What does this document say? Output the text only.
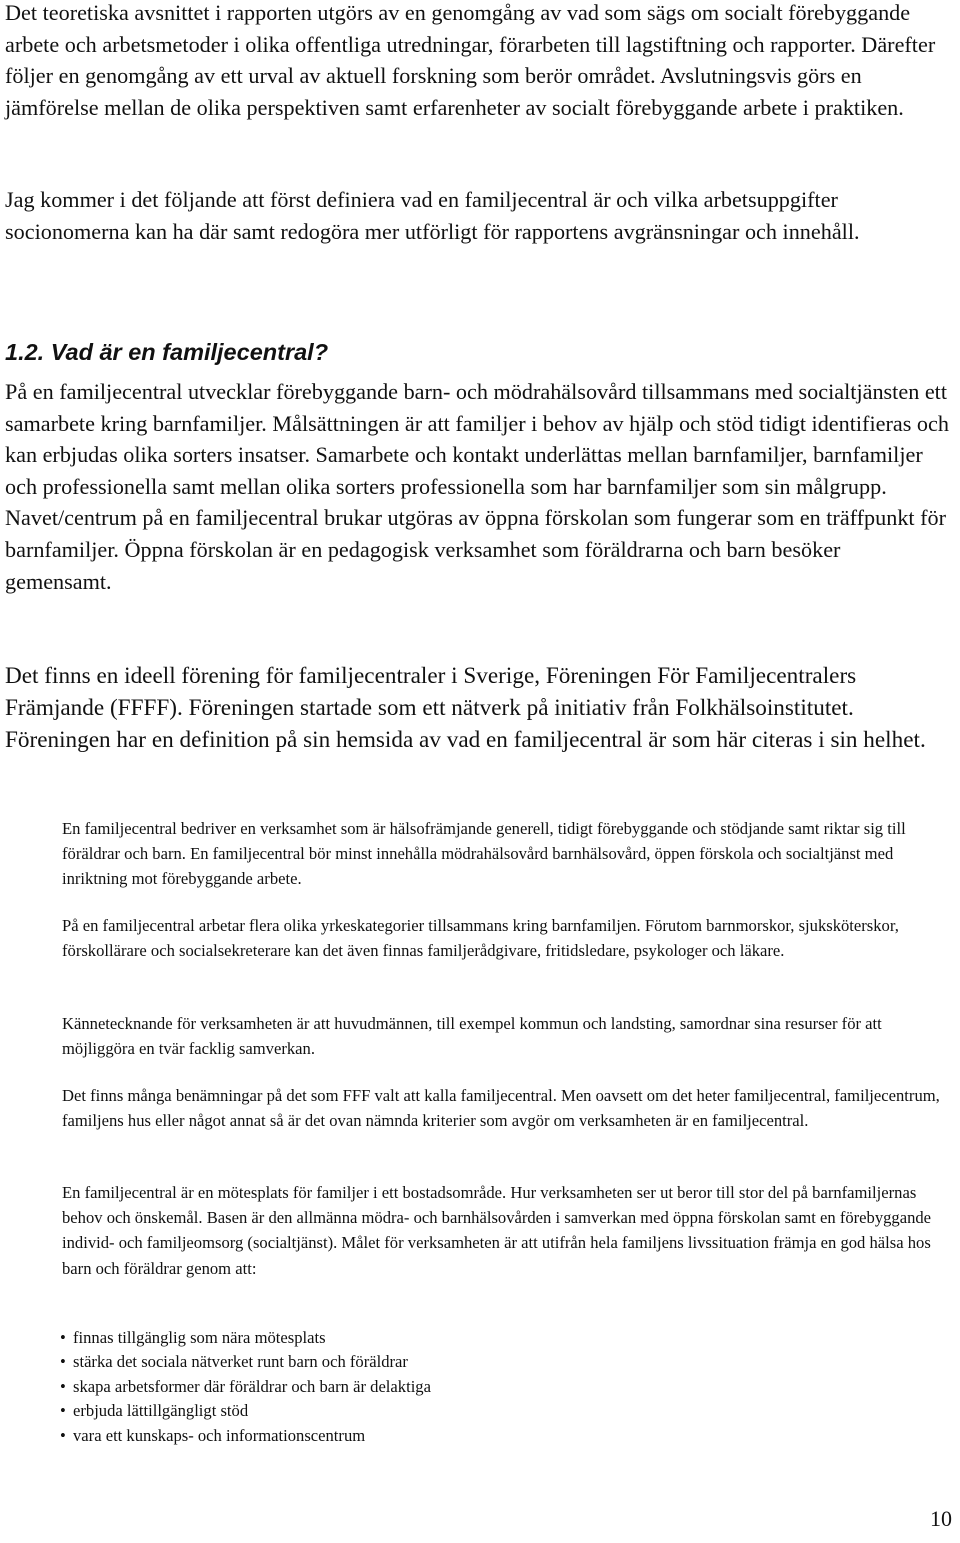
Det teoretiska avsnittet i rapporten utgörs av en genomgång av vad som sägs om socialt förebyggande arbete och arbetsmetoder i olika offentliga utredningar, förarbeten till lagstiftning och rapporter. Därefter följer en genomgång av ett urval av aktuell forskning som berör området. Avslutningsvis görs en jämförelse mellan de olika perspektiven samt erfarenheter av socialt förebyggande arbete i praktiken.

Jag kommer i det följande att först definiera vad en familjecentral är och vilka arbetsuppgifter socionomerna kan ha där samt redogöra mer utförligt för rapportens avgränsningar och innehåll.

1.2. Vad är en familjecentral?

På en familjecentral utvecklar förebyggande barn- och mödrahälsovård tillsammans med socialtjänsten ett samarbete kring barnfamiljer. Målsättningen är att familjer i behov av hjälp och stöd tidigt identifieras och kan erbjudas olika sorters insatser. Samarbete och kontakt underlättas mellan barnfamiljer, barnfamiljer och professionella samt mellan olika sorters professionella som har barnfamiljer som sin målgrupp. Navet/centrum på en familjecentral brukar utgöras av öppna förskolan som fungerar som en träffpunkt för barnfamiljer. Öppna förskolan är en pedagogisk verksamhet som föräldrarna och barn besöker gemensamt.

Det finns en ideell förening för familjecentraler i Sverige, Föreningen För Familjecentralers Främjande (FFFF). Föreningen startade som ett nätverk på initiativ från Folkhälsoinstitutet. Föreningen har en definition på sin hemsida av vad en familjecentral är som här citeras i sin helhet.

En familjecentral bedriver en verksamhet som är hälsofrämjande generell, tidigt förebyggande och stödjande samt riktar sig till föräldrar och barn. En familjecentral bör minst innehålla mödrahälsovård barnhälsovård, öppen förskola och socialtjänst med inriktning mot förebyggande arbete.

På en familjecentral arbetar flera olika yrkeskategorier tillsammans kring barnfamiljen. Förutom barnmorskor, sjuksköterskor, förskollärare och socialsekreterare kan det även finnas familjerådgivare, fritidsledare, psykologer och läkare.

Kännetecknande för verksamheten är att huvudmännen, till exempel kommun och landsting, samordnar sina resurser för att möjliggöra en tvär facklig samverkan.

Det finns många benämningar på det som FFF valt att kalla familjecentral. Men oavsett om det heter familjecentral, familjecentrum, familjens hus eller något annat så är det ovan nämnda kriterier som avgör om verksamheten är en familjecentral.

En familjecentral är en mötesplats för familjer i ett bostadsområde. Hur verksamheten ser ut beror till stor del på barnfamiljernas behov och önskemål. Basen är den allmänna mödra- och barnhälsovården i samverkan med öppna förskolan samt en förebyggande individ- och familjeomsorg (socialtjänst). Målet för verksamheten är att utifrån hela familjens livssituation främja en god hälsa hos barn och föräldrar genom att:

• finnas tillgänglig som nära mötesplats
• stärka det sociala nätverket runt barn och föräldrar
• skapa arbetsformer där föräldrar och barn är delaktiga
• erbjuda lättillgängligt stöd
• vara ett kunskaps- och informationscentrum

10
